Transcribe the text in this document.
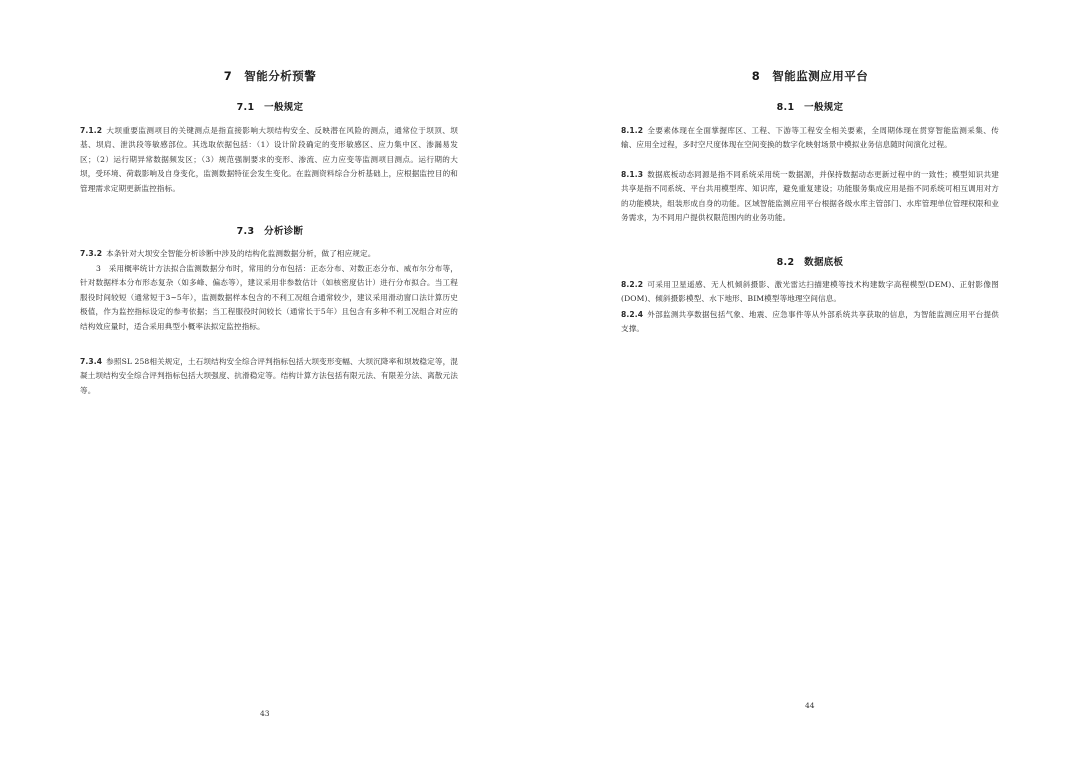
7　智能分析预警
7.1　一般规定
7.1.2 大坝重要监测项目的关键测点是指直接影响大坝结构安全、反映潜在风险的测点，通常位于坝顶、坝基、坝肩、泄洪段等敏感部位。其选取依据包括：（1）设计阶段确定的变形敏感区、应力集中区、渗漏易发区；（2）运行期异常数据频发区；（3）规范强制要求的变形、渗流、应力应变等监测项目测点。运行期的大坝，受环境、荷载影响及自身变化，监测数据特征会发生变化。在监测资料综合分析基础上，应根据监控目的和管理需求定期更新监控指标。
7.3　分析诊断
7.3.2 本条针对大坝安全智能分析诊断中涉及的结构化监测数据分析，做了相应规定。
3　采用概率统计方法拟合监测数据分布时，常用的分布包括：正态分布、对数正态分布、威布尔分布等，针对数据样本分布形态复杂（如多峰、偏态等），建议采用非参数估计（如核密度估计）进行分布拟合。当工程服役时间较短（通常短于3~5年），监测数据样本包含的不利工况组合通常较少，建议采用滑动窗口法计算历史极值，作为监控指标设定的参考依据；当工程服役时间较长（通常长于5年）且包含有多种不利工况组合对应的结构效应量时，适合采用典型小概率法拟定监控指标。
7.3.4 参照SL 258相关规定，土石坝结构安全综合评判指标包括大坝变形变幅、大坝沉降率和坝坡稳定等，混凝土坝结构安全综合评判指标包括大坝强度、抗滑稳定等。结构计算方法包括有限元法、有限差分法、离散元法等。
43
8　智能监测应用平台
8.1　一般规定
8.1.2 全要素体现在全面掌握库区、工程、下游等工程安全相关要素，全周期体现在贯穿智能监测采集、传输、应用全过程，多时空尺度体现在空间变换的数字化映射场景中模拟业务信息随时间演化过程。
8.1.3 数据底板动态同源是指不同系统采用统一数据源，并保持数据动态更新过程中的一致性；模型知识共建共享是指不同系统、平台共用模型库、知识库，避免重复建设；功能服务集成应用是指不同系统可相互调用对方的功能模块，组装形成自身的功能。区域智能监测应用平台根据各级水库主管部门、水库管理单位管理权限和业务需求，为不同用户提供权限范围内的业务功能。
8.2　数据底板
8.2.2 可采用卫星遥感、无人机倾斜摄影、激光雷达扫描建模等技术构建数字高程模型(DEM)、正射影像图(DOM)、倾斜摄影模型、水下地形、BIM模型等地理空间信息。
8.2.4 外部监测共享数据包括气象、地震、应急事件等从外部系统共享获取的信息，为智能监测应用平台提供支撑。
44
